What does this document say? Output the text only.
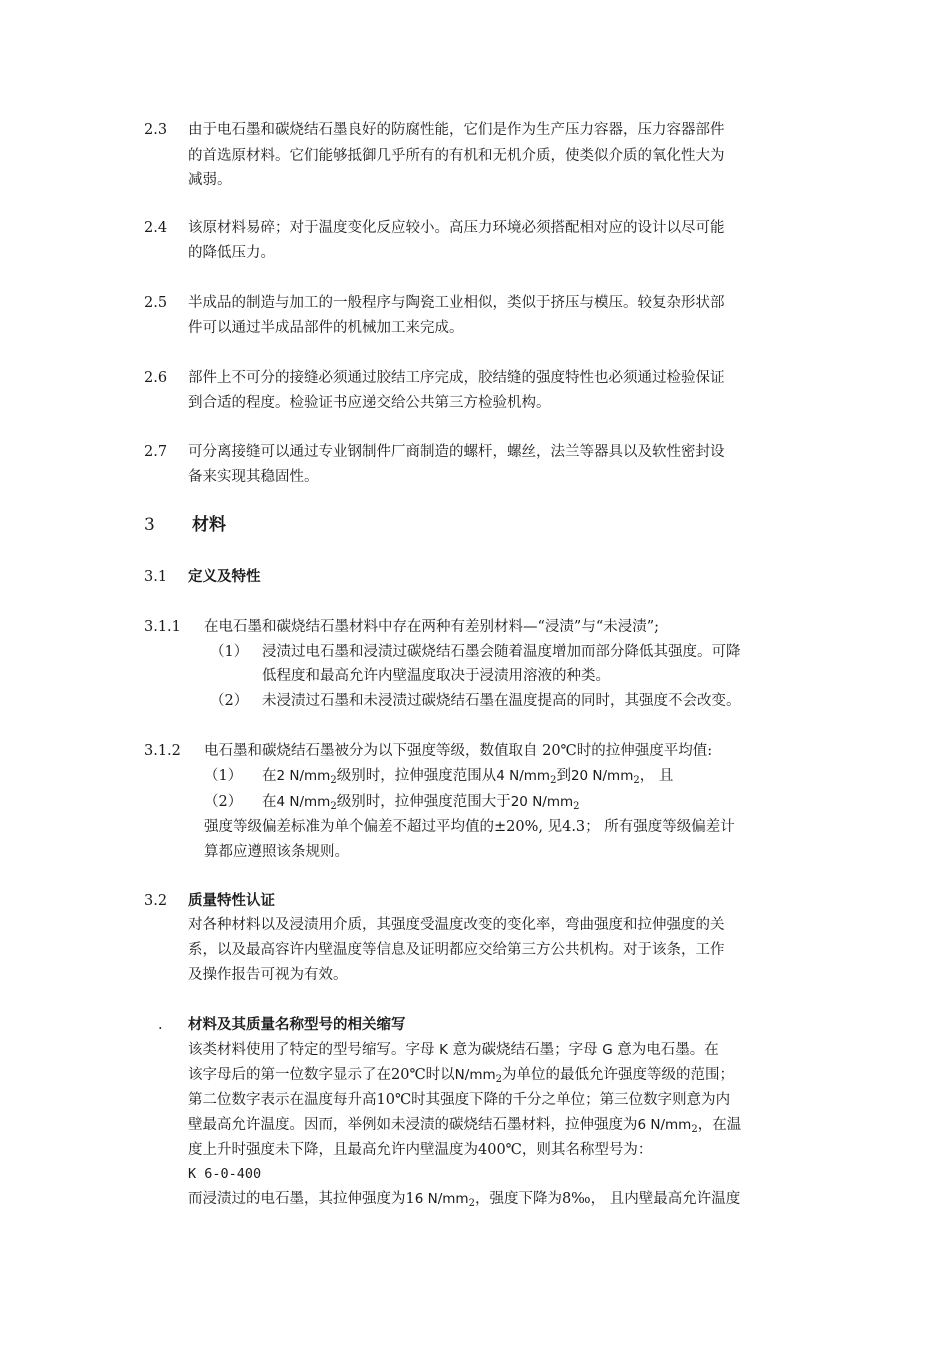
2.3 由于电石墨和碳烧结石墨良好的防腐性能，它们是作为生产压力容器，压力容器部件
的首选原材料。它们能够抵御几乎所有的有机和无机介质，使类似介质的氧化性大为
减弱。
2.4 该原材料易碎；对于温度变化反应较小。高压力环境必须搭配相对应的设计以尽可能
的降低压力。
2.5 半成品的制造与加工的一般程序与陶瓷工业相似，类似于挤压与模压。较复杂形状部
件可以通过半成品部件的机械加工来完成。
2.6 部件上不可分的接缝必须通过胶结工序完成，胶结缝的强度特性也必须通过检验保证
到合适的程度。检验证书应递交给公共第三方检验机构。
2.7 可分离接缝可以通过专业钢制件厂商制造的螺杆，螺丝，法兰等器具以及软性密封设
备来实现其稳固性。
3 材料
3.1 定义及特性
3.1.1 在电石墨和碳烧结石墨材料中存在两种有差别材料—“浸渍”与“未浸渍”;
（1） 浸渍过电石墨和浸渍过碳烧结石墨会随着温度增加而部分降低其强度。可降
低程度和最高允许内壁温度取决于浸渍用溶液的种类。
（2） 未浸渍过石墨和未浸渍过碳烧结石墨在温度提高的同时，其强度不会改变。
3.1.2 电石墨和碳烧结石墨被分为以下强度等级，数值取自 20℃时的拉伸强度平均值:
（1） 在2 $N/mm_2$级别时，拉伸强度范围从4 $N/mm_2$到20 $N/mm_2$， 且
（2） 在4 $N/mm_2$级别时，拉伸强度范围大于20 $N/mm_2$
强度等级偏差标准为单个偏差不超过平均值的±20%, 见4.3； 所有强度等级偏差计
算都应遵照该条规则。
3.2 质量特性认证
对各种材料以及浸渍用介质，其强度受温度改变的变化率，弯曲强度和拉伸强度的关
系，以及最高容许内壁温度等信息及证明都应交给第三方公共机构。对于该条，工作
及操作报告可视为有效。
. 材料及其质量名称型号的相关缩写
该类材料使用了特定的型号缩写。字母 K 意为碳烧结石墨；字母 G 意为电石墨。在
该字母后的第一位数字显示了在20℃时以$N/mm_2$为单位的最低允许强度等级的范围；
第二位数字表示在温度每升高10℃时其强度下降的千分之单位；第三位数字则意为内
壁最高允许温度。因而，举例如未浸渍的碳烧结石墨材料，拉伸强度为6 $N/mm_2$，在温
度上升时强度未下降，且最高允许内壁温度为400℃，则其名称型号为：
K 6-0-400
而浸渍过的电石墨，其拉伸强度为16 $N/mm_2$，强度下降为8‰， 且内壁最高允许温度
